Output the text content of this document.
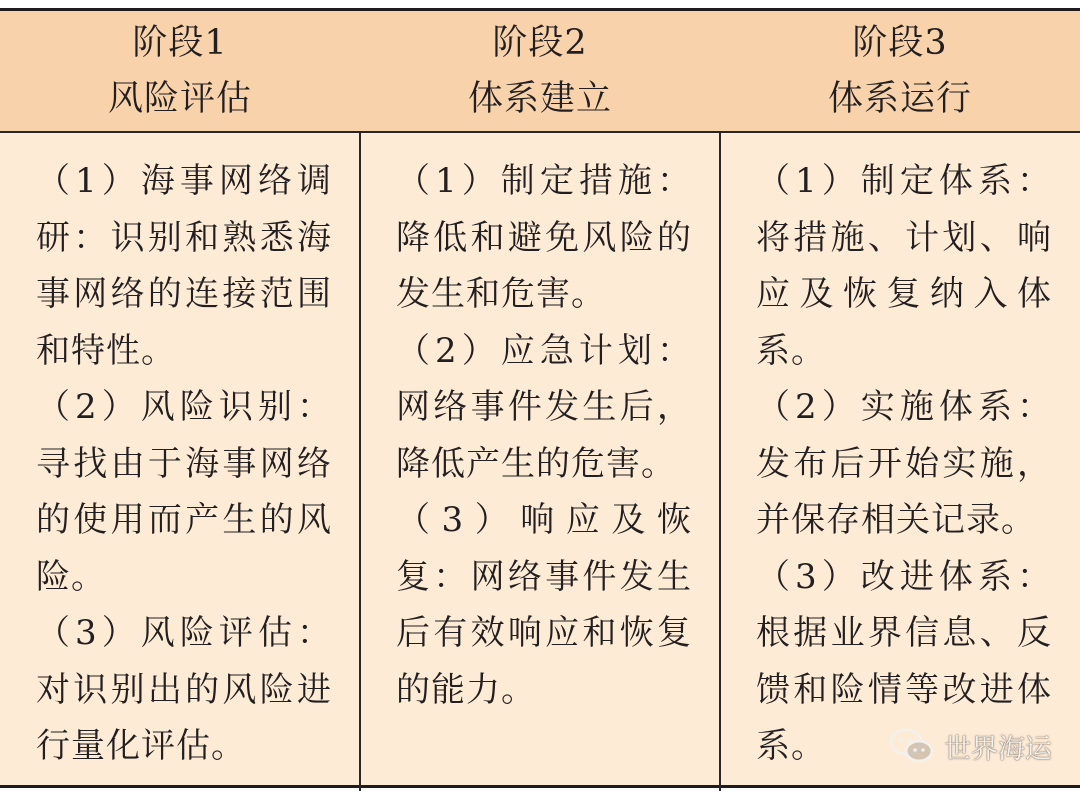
阶段1
风险评估
阶段2
体系建立
阶段3
体系运行

（1）海事网络调研：识别和熟悉海事网络的连接范围和特性。

（2）风险识别：寻找由于海事网络的使用而产生的风险。

（3）风险评估：对识别出的风险进行量化评估。

（1）制定措施：降低和避免风险的发生和危害。

（2）应急计划：网络事件发生后，降低产生的危害。

（3）响应及恢复：网络事件发生后有效响应和恢复的能力。

（1）制定体系：将措施、计划、响应及恢复纳入体系。

（2）实施体系：发布后开始实施，并保存相关记录。

（3）改进体系：根据业界信息、反馈和险情等改进体系。	世界海运
